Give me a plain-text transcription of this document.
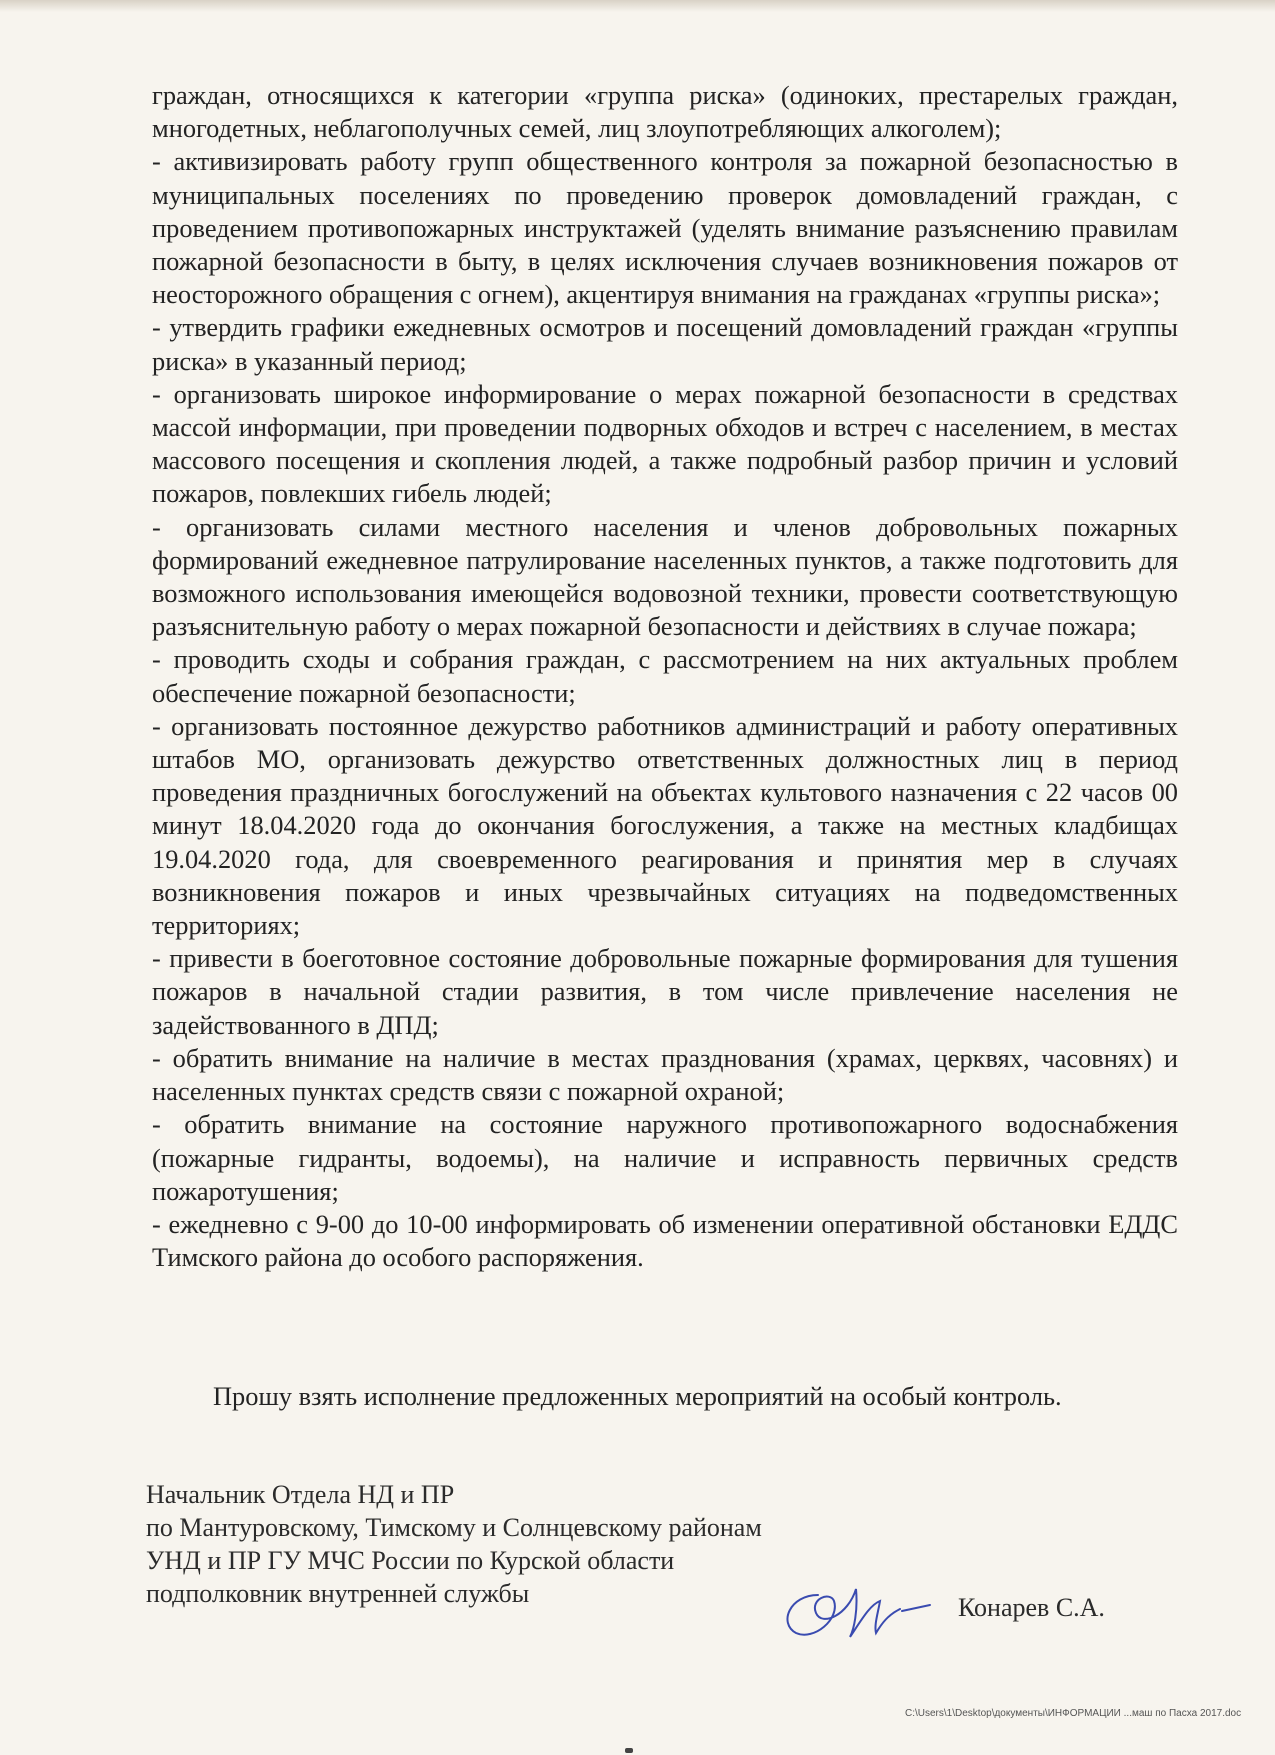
граждан, относящихся к категории «группа риска» (одиноких, престарелых граждан, многодетных, неблагополучных семей, лиц злоупотребляющих алкоголем);

- активизировать работу групп общественного контроля за пожарной безопасностью в муниципальных поселениях по проведению проверок домовладений граждан, с проведением противопожарных инструктажей (уделять внимание разъяснению правилам пожарной безопасности в быту, в целях исключения случаев возникновения пожаров от неосторожного обращения с огнем), акцентируя внимания на гражданах «группы риска»;

- утвердить графики ежедневных осмотров и посещений домовладений граждан «группы риска» в указанный период;

- организовать широкое информирование о мерах пожарной безопасности в средствах массой информации, при проведении подворных обходов и встреч с населением, в местах массового посещения и скопления людей, а также подробный разбор причин и условий пожаров, повлекших гибель людей;

- организовать силами местного населения и членов добровольных пожарных формирований ежедневное патрулирование населенных пунктов, а также подготовить для возможного использования имеющейся водовозной техники, провести соответствующую разъяснительную работу о мерах пожарной безопасности и действиях в случае пожара;

- проводить сходы и собрания граждан, с рассмотрением на них актуальных проблем обеспечение пожарной безопасности;

- организовать постоянное дежурство работников администраций и работу оперативных штабов МО, организовать дежурство ответственных должностных лиц в период проведения праздничных богослужений на объектах культового назначения с 22 часов 00 минут 18.04.2020 года до окончания богослужения, а также на местных кладбищах 19.04.2020 года, для своевременного реагирования и принятия мер в случаях возникновения пожаров и иных чрезвычайных ситуациях на подведомственных территориях;

- привести в боеготовное состояние добровольные пожарные формирования для тушения пожаров в начальной стадии развития, в том числе привлечение населения не задействованного в ДПД;

- обратить внимание на наличие в местах празднования (храмах, церквях, часовнях) и населенных пунктах средств связи с пожарной охраной;

- обратить внимание на состояние наружного противопожарного водоснабжения (пожарные гидранты, водоемы), на наличие и исправность первичных средств пожаротушения;

- ежедневно с 9-00 до 10-00 информировать об изменении оперативной обстановки ЕДДС Тимского района до особого распоряжения.

Прошу взять исполнение предложенных мероприятий на особый контроль.
Начальник Отдела НД и ПР
по Мантуровскому, Тимскому и Солнцевскому районам
УНД и ПР ГУ МЧС России по Курской области
подполковник внутренней службы	Конарев С.А.
C:\Users\1\Desktop\документы\ИНФОРМАЦИИ ...маш по Пасха 2017.doc
